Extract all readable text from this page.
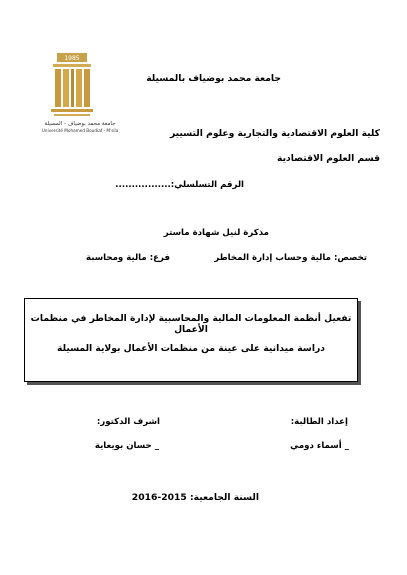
1985
جامعة محمد بوضياف - المسيلة
Université Mohamed Boudiaf - M'sila
جامعة محمد بوضياف بالمسيلة
كلية العلوم الاقتصادية والتجارية وعلوم التسيير
قسم العلوم الاقتصادية
الرقم التسلسلي:.................
مذكرة لنيل شهادة ماستر
تخصص: مالية وحساب إدارة المخاطر
فرع: مالية ومحاسبة
تفعيل أنظمة المعلومات المالية والمحاسبية لإدارة المخاطر في منظمات الأعمال
دراسة ميدانية على عينة من منظمات الأعمال بولاية المسيلة
إعداد الطالبة:
اشرف الدكتور:
_ أسماء دومي
_ حسان بويعاية
السنة الجامعية: 2015-2016
